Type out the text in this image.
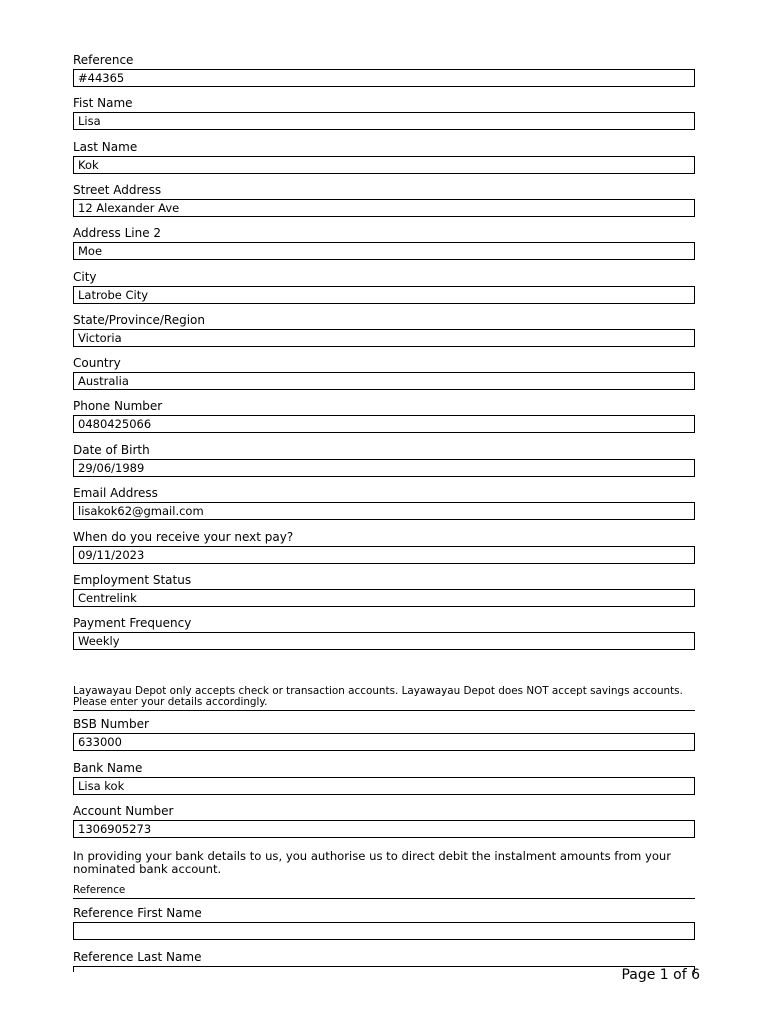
Reference
#44365
Fist Name
Lisa
Last Name
Kok
Street Address
12 Alexander Ave
Address Line 2
Moe
City
Latrobe City
State/Province/Region
Victoria
Country
Australia
Phone Number
0480425066
Date of Birth
29/06/1989
Email Address
lisakok62@gmail.com
When do you receive your next pay?
09/11/2023
Employment Status
Centrelink
Payment Frequency
Weekly
Layawayau Depot only accepts check or transaction accounts. Layawayau Depot does NOT accept savings accounts. Please enter your details accordingly.
BSB Number
633000
Bank Name
Lisa kok
Account Number
1306905273
In providing your bank details to us, you authorise us to direct debit the instalment amounts from your nominated bank account.
Reference
Reference First Name
Reference Last Name
Page 1 of 6
